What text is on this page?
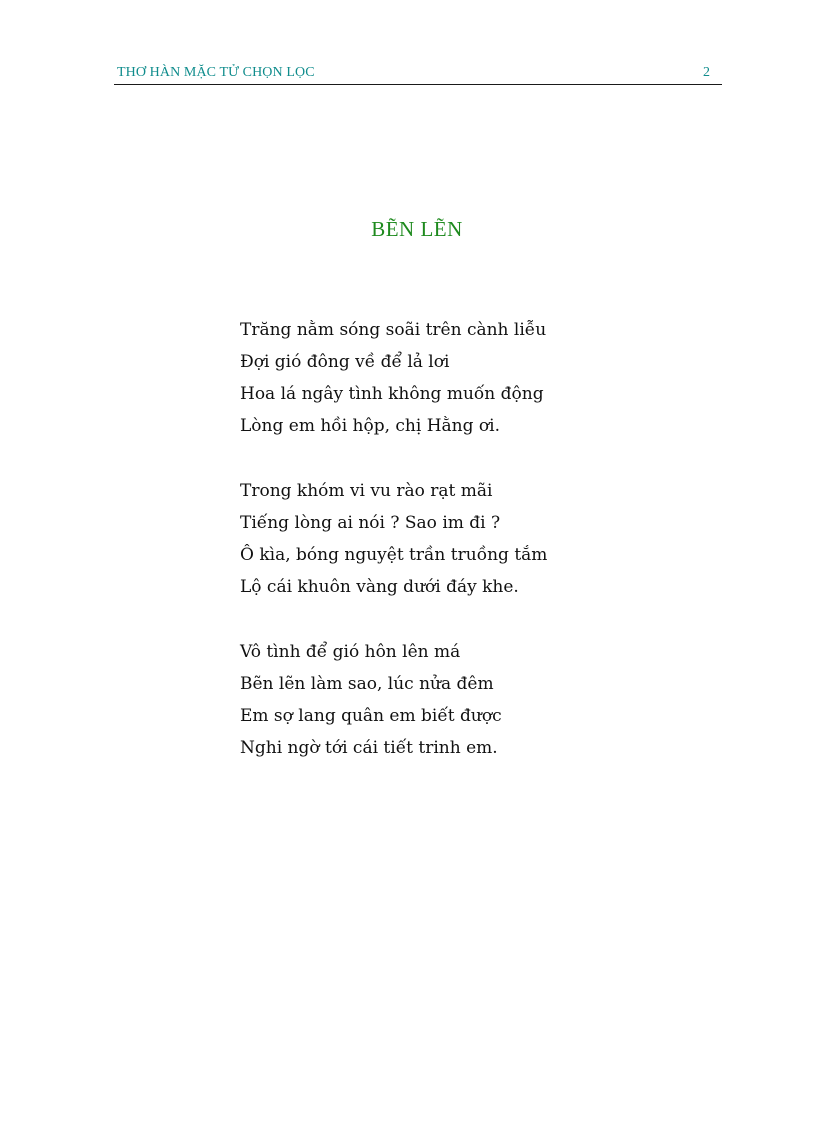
THƠ HÀN MẶC TỬ CHỌN LỌC	2
BẼN LẼN
Trăng nằm sóng soãi trên cành liễu
Đợi gió đông về để lả lơi
Hoa lá ngây tình không muốn động
Lòng em hồi hộp, chị Hằng ơi.
Trong khóm vi vu rào rạt mãi
Tiếng lòng ai nói ? Sao im đi ?
Ô kìa, bóng nguyệt trần truồng tắm
Lộ cái khuôn vàng dưới đáy khe.
Vô tình để gió hôn lên má
Bẽn lẽn làm sao, lúc nửa đêm
Em sợ lang quân em biết được
Nghi ngờ tới cái tiết trinh em.
